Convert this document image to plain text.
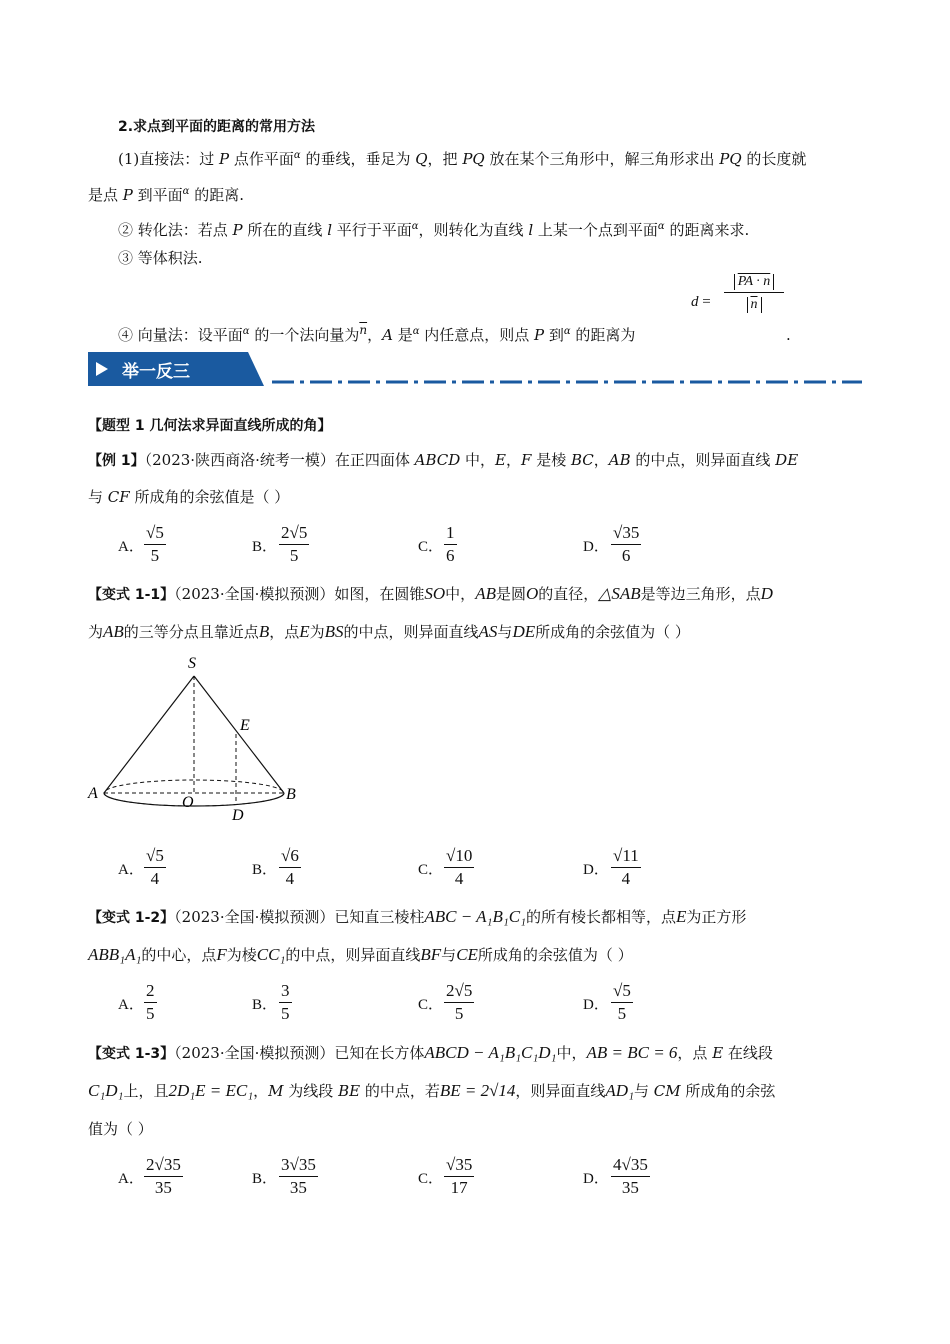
2.求点到平面的距离的常用方法
(1)直接法：过 P 点作平面$^\alpha$ 的垂线，垂足为 Q，把 PQ 放在某个三角形中，解三角形求出 PQ 的长度就
是点 P 到平面$^\alpha$ 的距离.
② 转化法：若点 P 所在的直线 l 平行于平面$^\alpha$，则转化为直线 l 上某一个点到平面$^\alpha$ 的距离来求.
③ 等体积法.
$d = \frac{PA \cdot n}{n}$
④ 向量法：设平面$^\alpha$ 的一个法向量为$^{\overline{n}}$，A 是$^\alpha$ 内任意点，则点 P 到$^\alpha$ 的距离为	.
举一反三
【题型 1 几何法求异面直线所成的角】
【例 1】（2023·陕西商洛·统考一模）在正四面体 ABCD 中，E，F 是棱 BC，AB 的中点，则异面直线 DE
与 CF 所成角的余弦值是（ ）
A． $\frac{√5}{5}$	B． $\frac{2√5}{5}$	C． $\frac{1}{6}$	D． $\frac{√35}{6}$
【变式 1-1】（2023·全国·模拟预测）如图，在圆锥SO中，AB是圆O的直径，△SAB是等边三角形，点D
为AB的三等分点且靠近点B，点E为BS的中点，则异面直线AS与DE所成角的余弦值为（ ）
S
E
A
O	B
D
A． $\frac{√5}{4}$	B． $\frac{√6}{4}$	C． $\frac{√10}{4}$	D． $\frac{√11}{4}$
【变式 1-2】（2023·全国·模拟预测）已知直三棱柱ABC − A₁B₁C₁的所有棱长都相等，点E为正方形
ABB₁A₁的中心，点F为棱CC₁的中点，则异面直线BF与CE所成角的余弦值为（ ）
A． $\frac{2}{5}$	B． $\frac{3}{5}$	C． $\frac{2√5}{5}$	D． $\frac{√5}{5}$
【变式 1-3】（2023·全国·模拟预测）已知在长方体ABCD − A₁B₁C₁D₁中，AB = BC = 6，点 E 在线段
C₁D₁上，且2D₁E = EC₁，M 为线段 BE 的中点，若BE = 2√14，则异面直线AD₁与 CM 所成角的余弦
值为（ ）
A． $\frac{2√35}{35}$	B． $\frac{3√35}{35}$	C． $\frac{√35}{17}$	D． $\frac{4√35}{35}$
